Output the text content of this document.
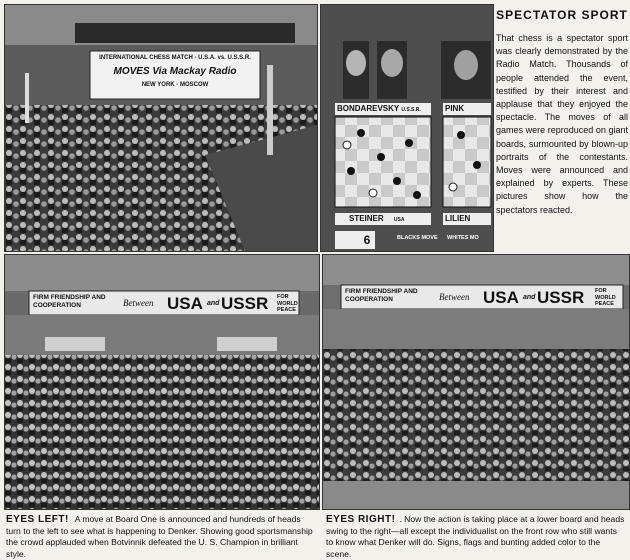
INTERNATIONAL CHESS MATCH - U.S.A. vs. U.S.S.R.
MOVES Via Mackay Radio
NEW YORK - MOSCOW
BONDAREVSKY U.S.S.R.	PINK
STEINER USA	LILIEN
6	BLACKS MOVE WHITES MO
SPECTATOR SPORT

That chess is a spectator sport was clearly demonstrated by the Radio Match. Thousands of people attended the event, testified by their interest and applause that they enjoyed the spectacle. The moves of all games were reproduced on giant boards, surmounted by blown-up portraits of the contestants. Moves were announced and explained by experts. These pictures show how the spectators reacted.

FIRM FRIENDSHIP AND COOPERATION	Between USA and USSR FOR WORLD PEACE
FIRM FRIENDSHIP AND COOPERATION	Between USA and USSR FOR WORLD PEACE
EYES LEFT! A move at Board One is announced and hundreds of heads turn to the left to see what is happening to Denker. Showing good sportsmanship the crowd applauded when Botvinnik defeated the U. S. Champion in brilliant style.
EYES RIGHT! . Now the action is taking place at a lower board and heads swing to the right—all except the individualist on the front row who still wants to know what Denker will do. Signs, flags and bunting added color to the scene.
